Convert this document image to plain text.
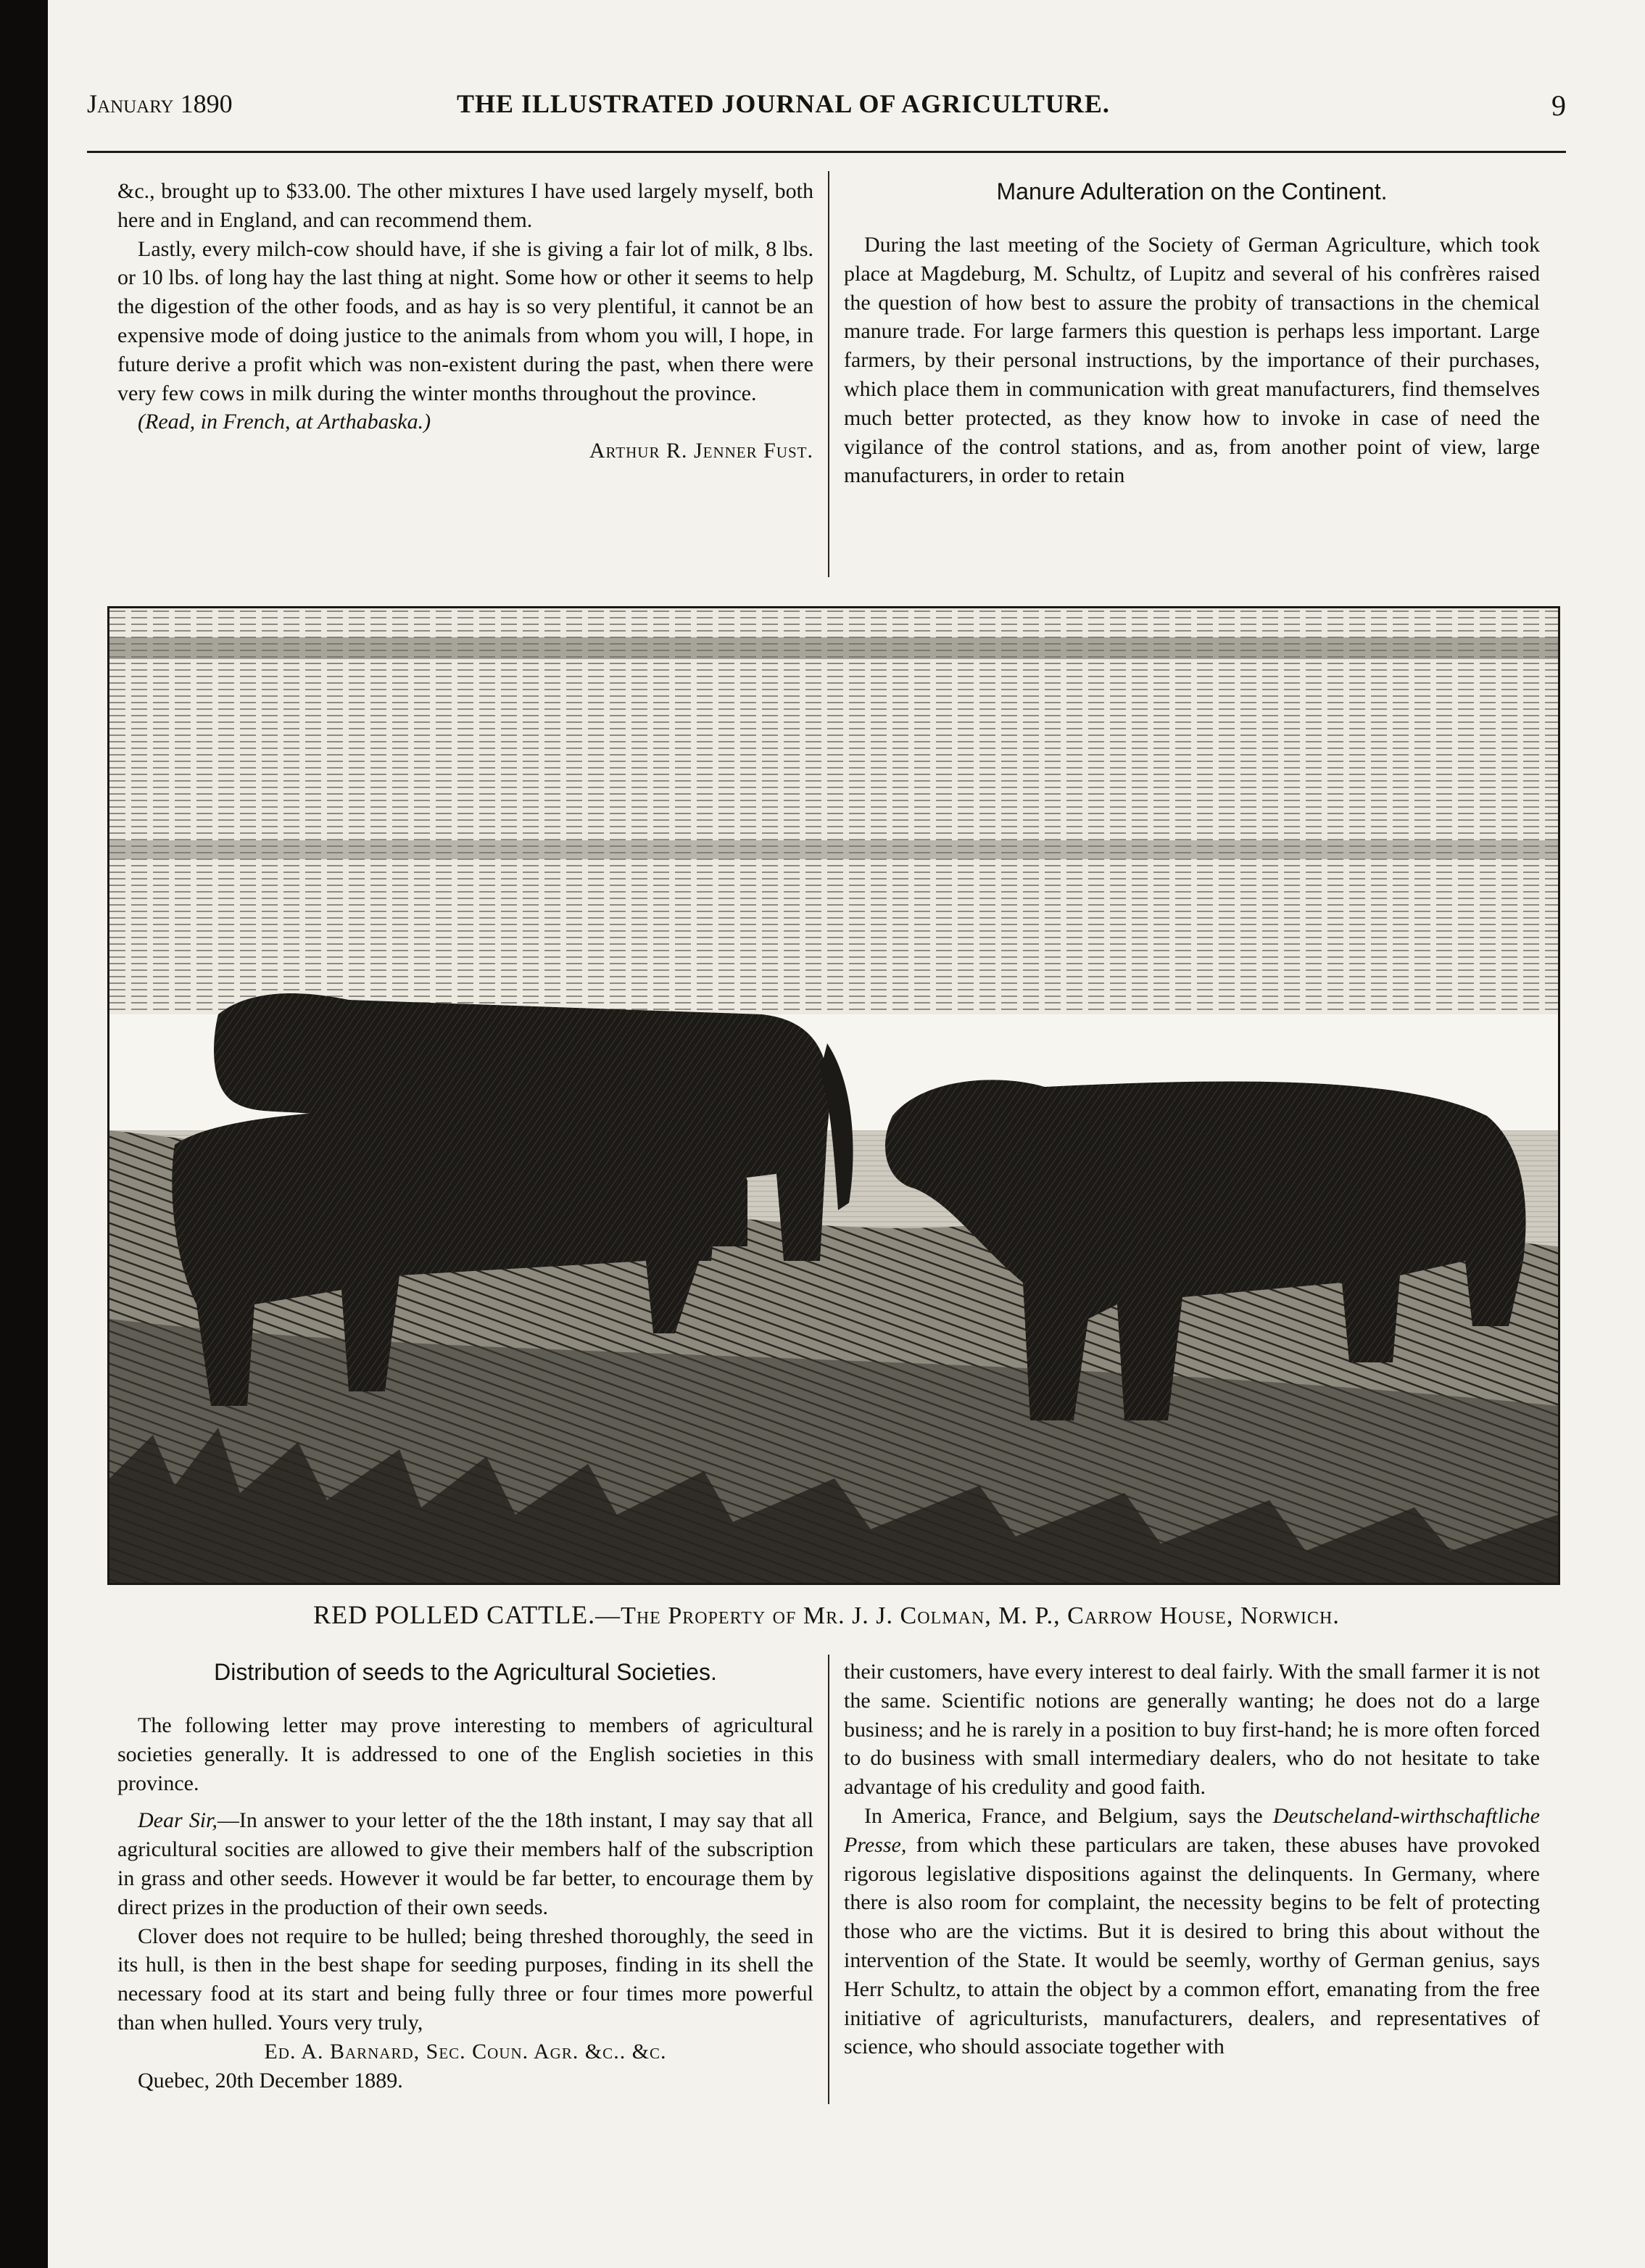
January 1890	THE ILLUSTRATED JOURNAL OF AGRICULTURE.	9

&c., brought up to $33.00. The other mixtures I have used largely myself, both here and in England, and can recommend them.

Lastly, every milch-cow should have, if she is giving a fair lot of milk, 8 lbs. or 10 lbs. of long hay the last thing at night. Some how or other it seems to help the digestion of the other foods, and as hay is so very plentiful, it cannot be an expensive mode of doing justice to the animals from whom you will, I hope, in future derive a profit which was non-existent during the past, when there were very few cows in milk during the winter months throughout the province.

(Read, in French, at Arthabaska.)

Arthur R. Jenner Fust.

Manure Adulteration on the Continent.

During the last meeting of the Society of German Agriculture, which took place at Magdeburg, M. Schultz, of Lupitz and several of his confrères raised the question of how best to assure the probity of transactions in the chemical manure trade. For large farmers this question is perhaps less important. Large farmers, by their personal instructions, by the importance of their purchases, which place them in communication with great manufacturers, find themselves much better protected, as they know how to invoke in case of need the vigilance of the control stations, and as, from another point of view, large manufacturers, in order to retain

RED POLLED CATTLE.—The Property of Mr. J. J. Colman, M. P., Carrow House, Norwich.
Distribution of seeds to the Agricultural Societies.

The following letter may prove interesting to members of agricultural societies generally. It is addressed to one of the English societies in this province.

Dear Sir,—In answer to your letter of the the 18th instant, I may say that all agricultural socities are allowed to give their members half of the subscription in grass and other seeds. However it would be far better, to encourage them by direct prizes in the production of their own seeds.

Clover does not require to be hulled; being threshed thoroughly, the seed in its hull, is then in the best shape for seeding purposes, finding in its shell the necessary food at its start and being fully three or four times more powerful than when hulled. Yours very truly,

Ed. A. Barnard, Sec. Coun. Agr. &c.. &c.

Quebec, 20th December 1889.

their customers, have every interest to deal fairly. With the small farmer it is not the same. Scientific notions are generally wanting; he does not do a large business; and he is rarely in a position to buy first-hand; he is more often forced to do business with small intermediary dealers, who do not hesitate to take advantage of his credulity and good faith.

In America, France, and Belgium, says the Deutscheland-wirthschaftliche Presse, from which these particulars are taken, these abuses have provoked rigorous legislative dispositions against the delinquents. In Germany, where there is also room for complaint, the necessity begins to be felt of protecting those who are the victims. But it is desired to bring this about without the intervention of the State. It would be seemly, worthy of German genius, says Herr Schultz, to attain the object by a common effort, emanating from the free initiative of agriculturists, manufacturers, dealers, and representatives of science, who should associate together with
